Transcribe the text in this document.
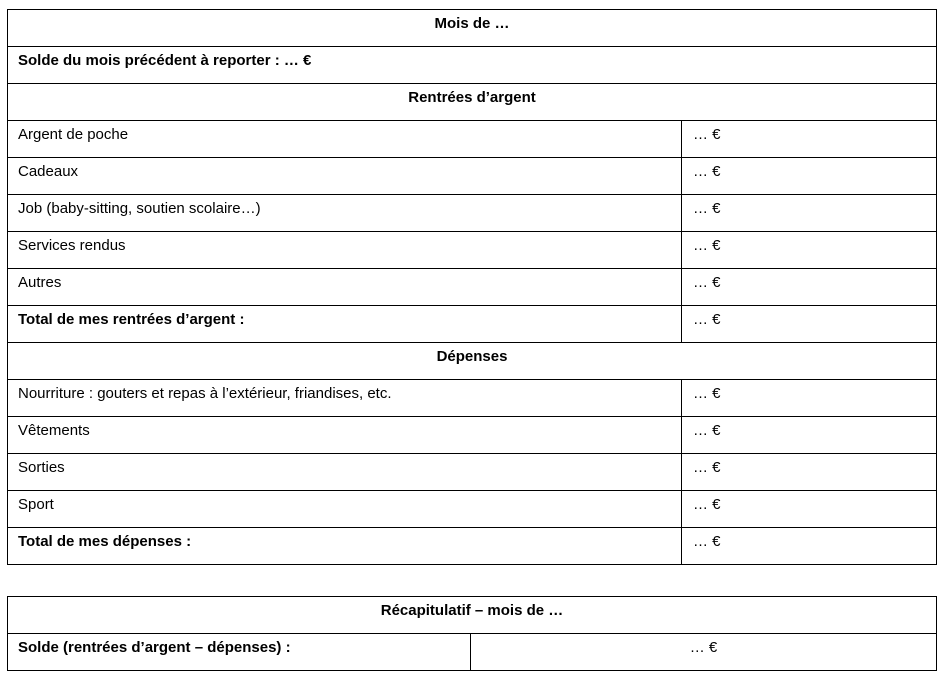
Mois de …	
Solde du mois précédent à reporter : … €	
Rentrées d’argent	
Argent de poche	… €
Cadeaux	… €
Job (baby-sitting, soutien scolaire…)	… €
Services rendus	… €
Autres	… €
Total de mes rentrées d’argent :	… €
Dépenses	
Nourriture : gouters et repas à l’extérieur, friandises, etc.	… €
Vêtements	… €
Sorties	… €
Sport	… €
Total de mes dépenses :	… €
Récapitulatif – mois de …
Solde (rentrées d’argent – dépenses) :	… €
